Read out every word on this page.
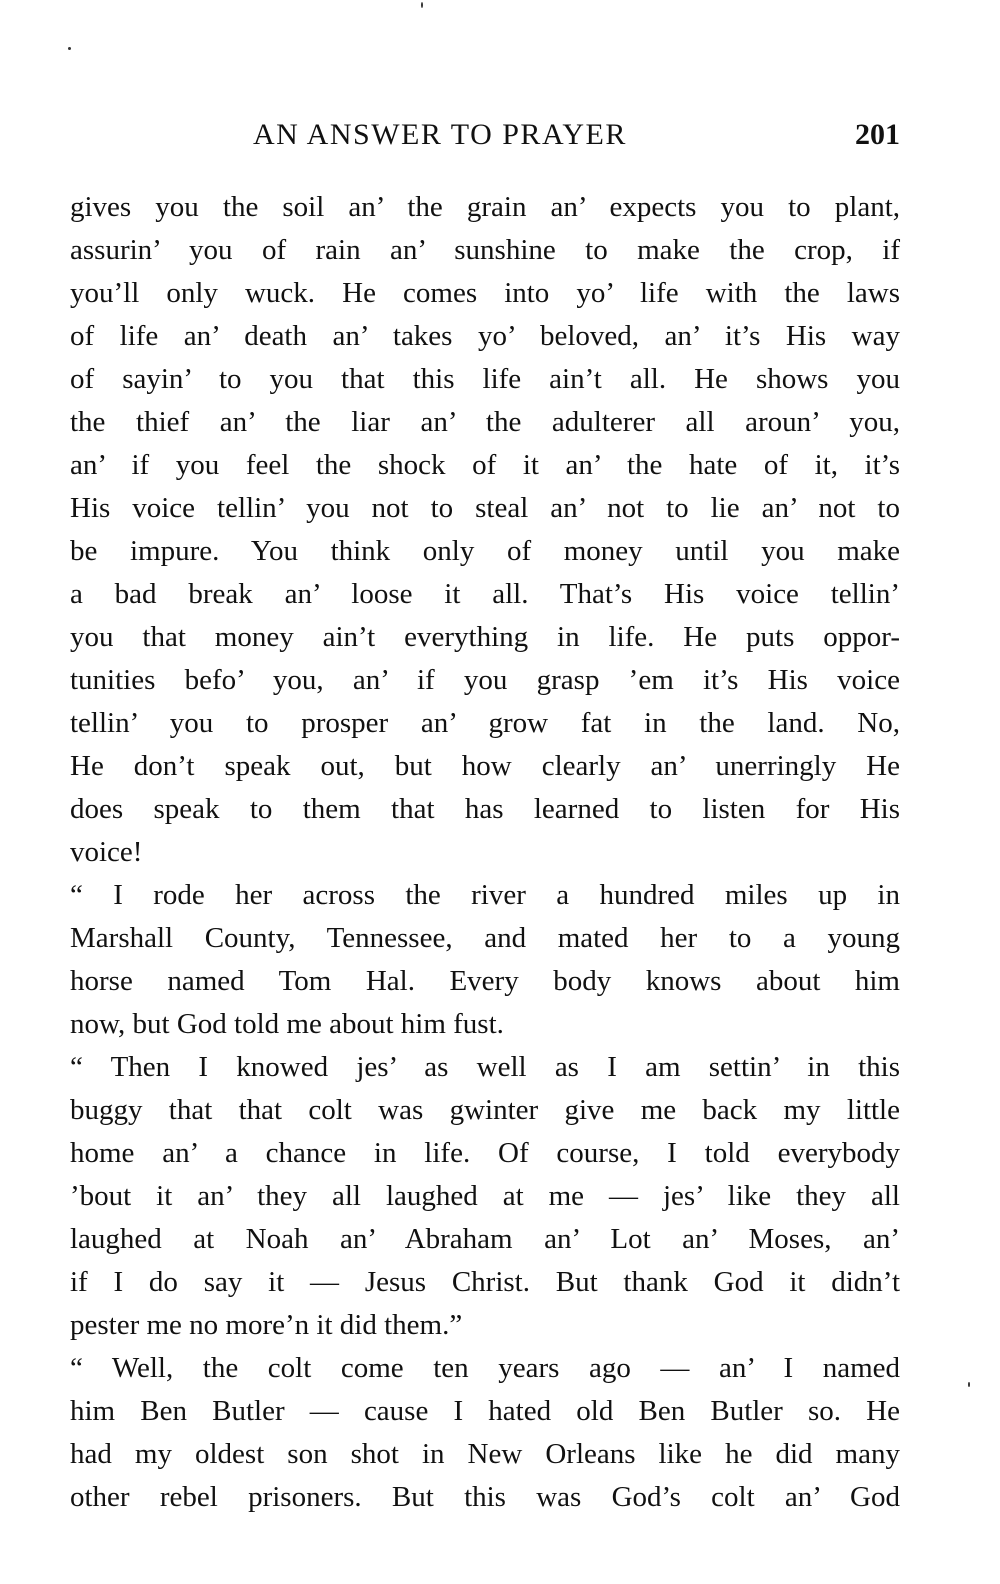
AN ANSWER TO PRAYER	201
gives you the soil an’ the grain an’ expects you to plant,
assurin’ you of rain an’ sunshine to make the crop, if
you’ll only wuck. He comes into yo’ life with the laws
of life an’ death an’ takes yo’ beloved, an’ it’s His way
of sayin’ to you that this life ain’t all. He shows you
the thief an’ the liar an’ the adulterer all aroun’ you,
an’ if you feel the shock of it an’ the hate of it, it’s
His voice tellin’ you not to steal an’ not to lie an’ not to
be impure. You think only of money until you make
a bad break an’ loose it all. That’s His voice tellin’
you that money ain’t everything in life. He puts oppor-
tunities befo’ you, an’ if you grasp ’em it’s His voice
tellin’ you to prosper an’ grow fat in the land. No,
He don’t speak out, but how clearly an’ unerringly He
does speak to them that has learned to listen for His
voice!
“ I rode her across the river a hundred miles up in
Marshall County, Tennessee, and mated her to a young
horse named Tom Hal. Every body knows about him
now, but God told me about him fust.
“ Then I knowed jes’ as well as I am settin’ in this
buggy that that colt was gwinter give me back my little
home an’ a chance in life. Of course, I told everybody
’bout it an’ they all laughed at me — jes’ like they all
laughed at Noah an’ Abraham an’ Lot an’ Moses, an’
if I do say it — Jesus Christ. But thank God it didn’t
pester me no more’n it did them.”
“ Well, the colt come ten years ago — an’ I named
him Ben Butler — cause I hated old Ben Butler so. He
had my oldest son shot in New Orleans like he did many
other rebel prisoners. But this was God’s colt an’ God
